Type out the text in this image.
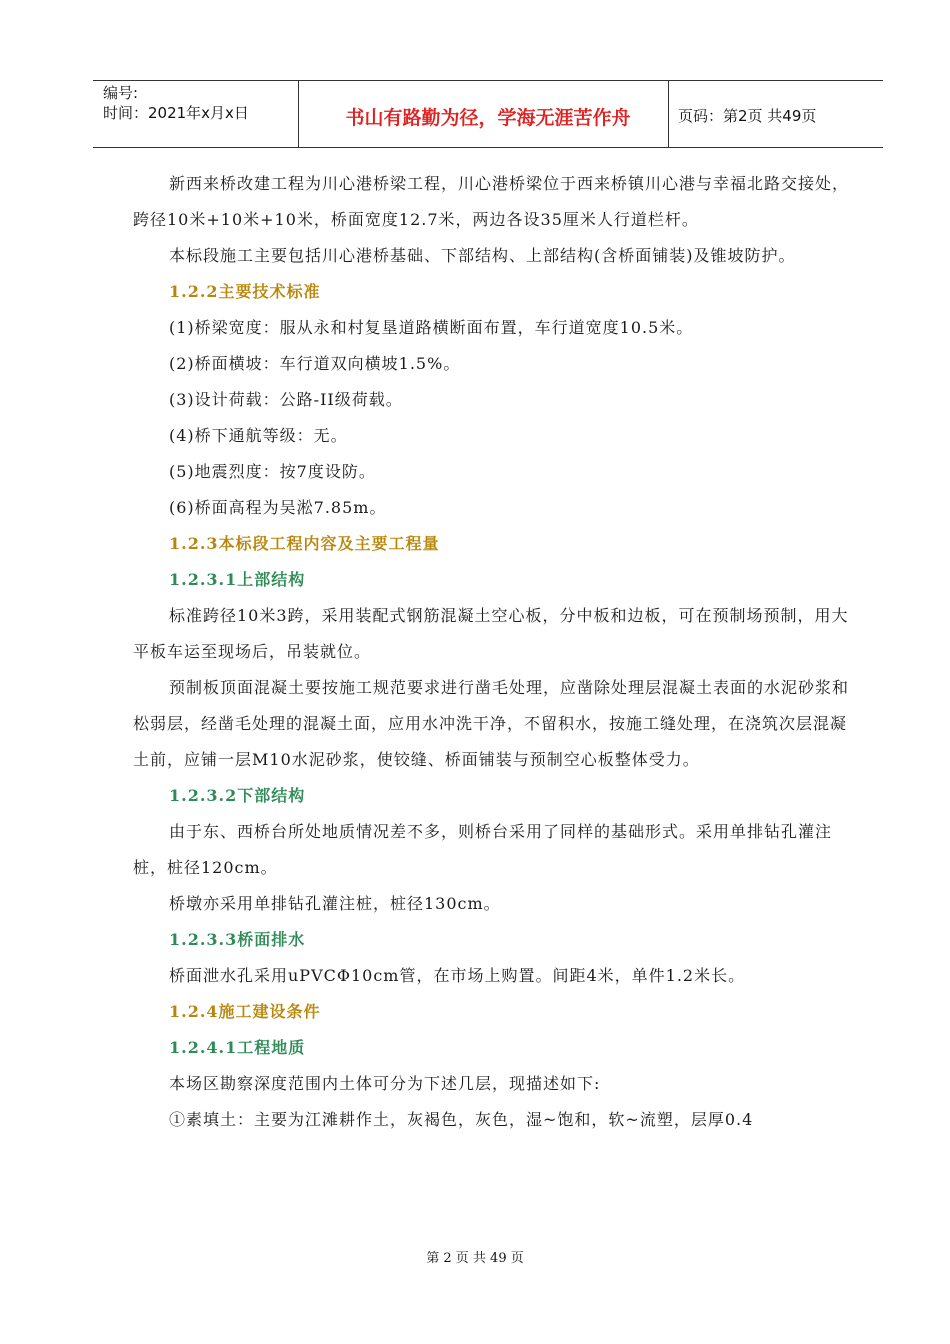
编号:
时间：2021年x月x日	书山有路勤为径，学海无涯苦作舟	页码：第2页 共49页

新西来桥改建工程为川心港桥梁工程，川心港桥梁位于西来桥镇川心港与幸福北路交接处，跨径10米+10米+10米，桥面宽度12.7米，两边各设35厘米人行道栏杆。

本标段施工主要包括川心港桥基础、下部结构、上部结构(含桥面铺装)及锥坡防护。

1.2.2主要技术标准

(1)桥梁宽度：服从永和村复垦道路横断面布置，车行道宽度10.5米。

(2)桥面横坡：车行道双向横坡1.5%。

(3)设计荷载：公路-II级荷载。

(4)桥下通航等级：无。

(5)地震烈度：按7度设防。

(6)桥面高程为吴淞7.85m。

1.2.3本标段工程内容及主要工程量

1.2.3.1上部结构

标准跨径10米3跨，采用装配式钢筋混凝土空心板，分中板和边板，可在预制场预制，用大平板车运至现场后，吊装就位。

预制板顶面混凝土要按施工规范要求进行凿毛处理，应凿除处理层混凝土表面的水泥砂浆和松弱层，经凿毛处理的混凝土面，应用水冲洗干净，不留积水，按施工缝处理，在浇筑次层混凝土前，应铺一层M10水泥砂浆，使铰缝、桥面铺装与预制空心板整体受力。

1.2.3.2下部结构

由于东、西桥台所处地质情况差不多，则桥台采用了同样的基础形式。采用单排钻孔灌注桩，桩径120cm。

桥墩亦采用单排钻孔灌注桩，桩径130cm。

1.2.3.3桥面排水

桥面泄水孔采用uPVCΦ10cm管，在市场上购置。间距4米，单件1.2米长。

1.2.4施工建设条件

1.2.4.1工程地质

本场区勘察深度范围内土体可分为下述几层，现描述如下:

①素填土：主要为江滩耕作土，灰褐色，灰色，湿~饱和，软~流塑，层厚0.4

第 2 页 共 49 页
